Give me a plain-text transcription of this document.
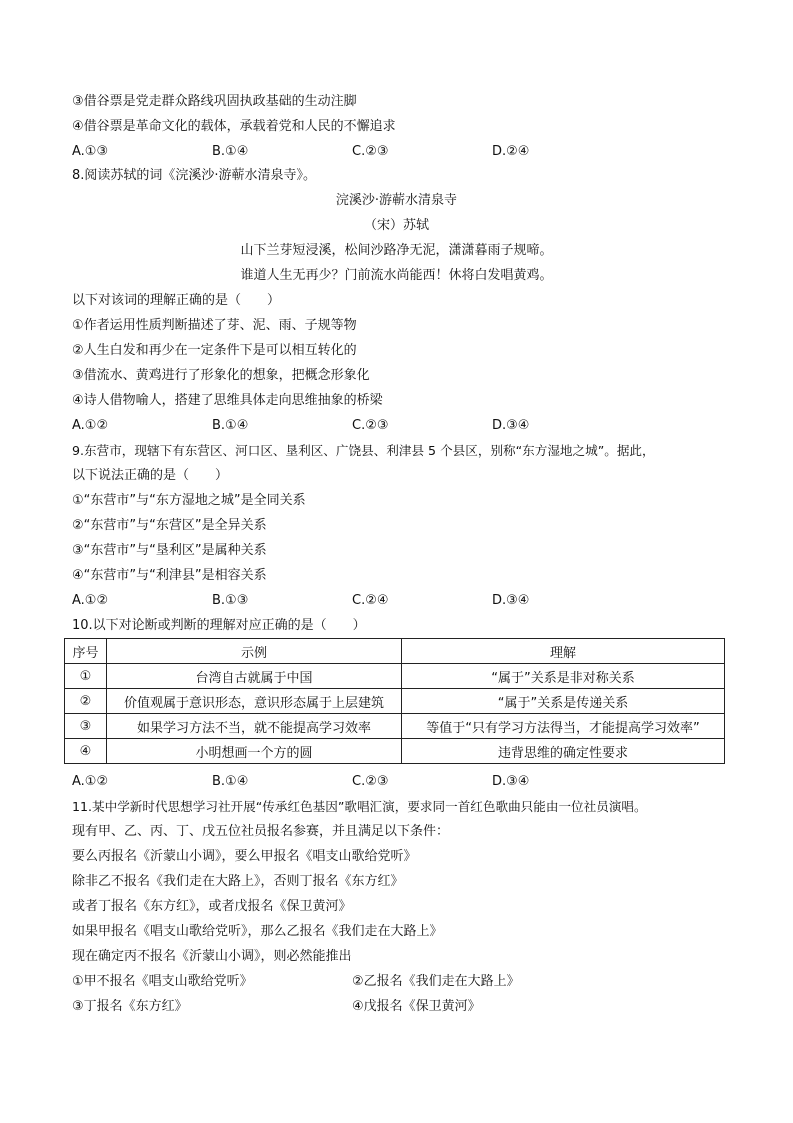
③借谷票是党走群众路线巩固执政基础的生动注脚
④借谷票是革命文化的载体，承载着党和人民的不懈追求
A.①③	B.①④	C.②③	D.②④
8.阅读苏轼的词《浣溪沙·游蕲水清泉寺》。
浣溪沙·游蕲水清泉寺
（宋）苏轼
山下兰芽短浸溪，松间沙路净无泥，潇潇暮雨子规啼。
谁道人生无再少？门前流水尚能西！休将白发唱黄鸡。
以下对该词的理解正确的是（　　）
①作者运用性质判断描述了芽、泥、雨、子规等物
②人生白发和再少在一定条件下是可以相互转化的
③借流水、黄鸡进行了形象化的想象，把概念形象化
④诗人借物喻人，搭建了思维具体走向思维抽象的桥梁
A.①②	B.①④	C.②③	D.③④
9.东营市，现辖下有东营区、河口区、垦利区、广饶县、利津县 5 个县区，别称“东方湿地之城”。据此，
以下说法正确的是（　　）
①“东营市”与“东方湿地之城”是全同关系
②“东营市”与“东营区”是全异关系
③“东营市”与“垦利区”是属种关系
④“东营市”与“利津县”是相容关系
A.①②	B.①③	C.②④	D.③④
10.以下对论断或判断的理解对应正确的是（　　）
序号	示例	理解
①	台湾自古就属于中国	“属于”关系是非对称关系
②	价值观属于意识形态，意识形态属于上层建筑	“属于”关系是传递关系
③	如果学习方法不当，就不能提高学习效率	等值于“只有学习方法得当，才能提高学习效率”
④	小明想画一个方的圆	违背思维的确定性要求
A.①②	B.①④	C.②③	D.③④
11.某中学新时代思想学习社开展“传承红色基因”歌唱汇演，要求同一首红色歌曲只能由一位社员演唱。
现有甲、乙、丙、丁、戊五位社员报名参赛，并且满足以下条件：
要么丙报名《沂蒙山小调》，要么甲报名《唱支山歌给党听》
除非乙不报名《我们走在大路上》，否则丁报名《东方红》
或者丁报名《东方红》，或者戊报名《保卫黄河》
如果甲报名《唱支山歌给党听》，那么乙报名《我们走在大路上》
现在确定丙不报名《沂蒙山小调》，则必然能推出
①甲不报名《唱支山歌给党听》	②乙报名《我们走在大路上》
③丁报名《东方红》	④戊报名《保卫黄河》
